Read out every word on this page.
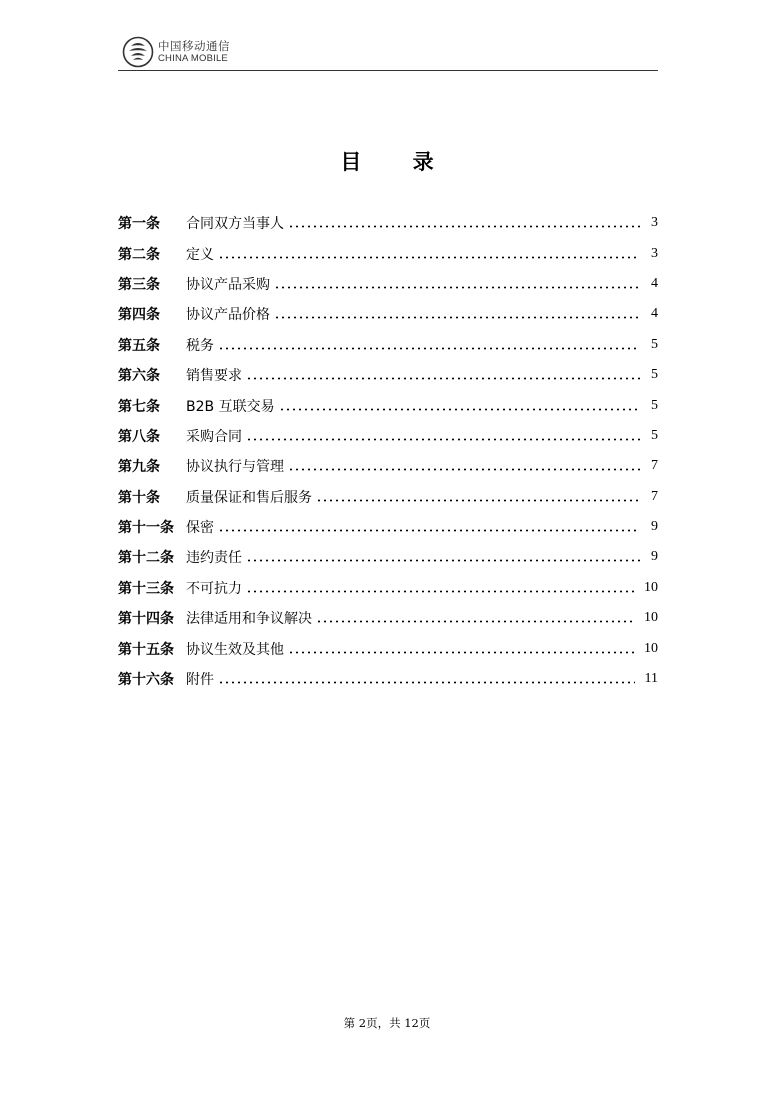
中国移动通信
CHINA MOBILE
目 录
第一条	合同双方当事人	3
第二条	定义	3
第三条	协议产品采购	4
第四条	协议产品价格	4
第五条	税务	5
第六条	销售要求	5
第七条	B2B 互联交易	5
第八条	采购合同	5
第九条	协议执行与管理	7
第十条	质量保证和售后服务	7
第十一条 保密	9
第十二条 违约责任	9
第十三条 不可抗力	10
第十四条 法律适用和争议解决	10
第十五条 协议生效及其他	10
第十六条 附件	11
第 2页，共 12页
